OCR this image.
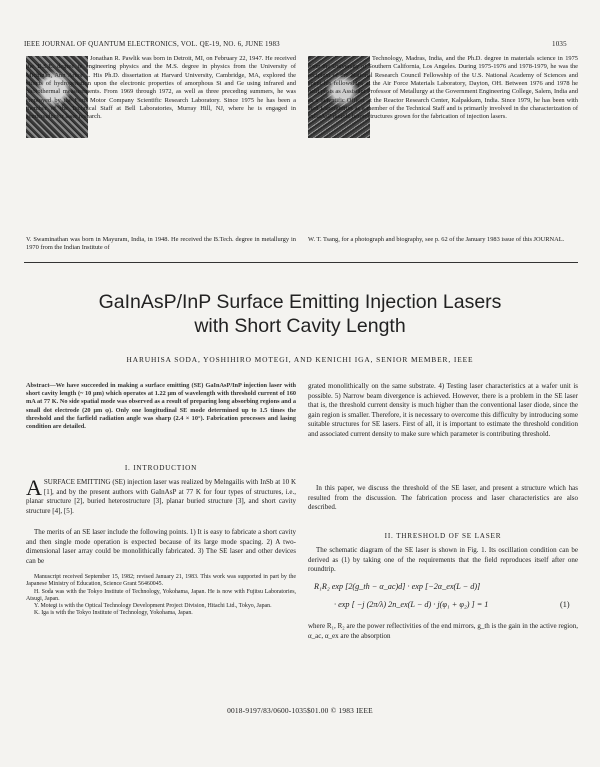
IEEE JOURNAL OF QUANTUM ELECTRONICS, VOL. QE-19, NO. 6, JUNE 1983	1035
Jonathan R. Pawlik was born in Detroit, MI, on February 22, 1947. He received the B.S.E. degree in engineering physics and the M.S. degree in physics from the University of Michigan, Ann Arbor ... His Ph.D. dissertation at Harvard University, Cambridge, MA, explored the effects of hydrogenation upon the electronic properties of amorphous Si and Ge using infrared and photothermal measurements. From 1969 through 1972, as well as three preceding summers, he was employed by the Ford Motor Company Scientific Research Laboratory. Since 1975 he has been a member of the Technical Staff at Bell Laboratories, Murray Hill, NJ, where he is engaged in semiconductor laser research.
Technology, Madras, India, and the Ph.D. degree in materials science in 1975 from the University of Southern California, Los Angeles. During 1975-1976 and 1978-1979, he was the recipient of the National Research Council Fellowship of the U.S. National Academy of Sciences and spent his fellowships at the Air Force Materials Laboratory, Dayton, OH. Between 1976 and 1978 he held posts as Assistant Professor of Metallurgy at the Government Engineering College, Salem, India and as a Scientific Officer at the Reactor Research Center, Kalpakkam, India. Since 1979, he has been with Bell Laboratories as a member of the Technical Staff and is primarily involved in the characterization of InGaAsP double heterostructures grown for the fabrication of injection lasers.
V. Swaminathan was born in Mayuram, India, in 1948. He received the B.Tech. degree in metallurgy in 1970 from the Indian Institute of
W. T. Tsang, for a photograph and biography, see p. 62 of the January 1983 issue of this JOURNAL.
GaInAsP/InP Surface Emitting Injection Lasers
with Short Cavity Length
HARUHISA SODA, YOSHIHIRO MOTEGI, AND KENICHI IGA, SENIOR MEMBER, IEEE
Abstract—We have succeeded in making a surface emitting (SE) GaInAsP/InP injection laser with short cavity length (~ 10 μm) which operates at 1.22 μm of wavelength with threshold current of 160 mA at 77 K. No side spatial mode was observed as a result of preparing long absorbing regions and a small dot electrode (20 μm φ). Only one longitudinal SE mode determined up to 1.5 times the threshold and the farfield radiation angle was sharp (2.4 × 10°). Fabrication processes and lasing condition are detailed.
I. INTRODUCTION
ASURFACE EMITTING (SE) injection laser was realized by Melngailis with InSb at 10 K [1], and by the present authors with GaInAsP at 77 K for four types of structures, i.e., planar structure [2], buried heterostructure [3], planar buried structure [3], and short cavity structure [4], [5].
The merits of an SE laser include the following points. 1) It is easy to fabricate a short cavity and then single mode operation is expected because of its large mode spacing. 2) A two-dimensional laser array could be monolithically fabricated. 3) The SE laser and other devices can be
Manuscript received September 15, 1982; revised January 21, 1983. This work was supported in part by the Japanese Ministry of Education, Science Grant 56460045.
H. Soda was with the Tokyo Institute of Technology, Yokohama, Japan. He is now with Fujitsu Laboratories, Atsugi, Japan.
Y. Motegi is with the Optical Technology Development Project Division, Hitachi Ltd., Tokyo, Japan.
K. Iga is with the Tokyo Institute of Technology, Yokohama, Japan.
grated monolithically on the same substrate. 4) Testing laser characteristics at a wafer unit is possible. 5) Narrow beam divergence is achieved. However, there is a problem in the SE laser that is, the threshold current density is much higher than the conventional laser diode, since the gain region is smaller. Therefore, it is necessary to overcome this difficulty by introducing some suitable structures for SE lasers. First of all, it is important to estimate the threshold condition and associated current density to make sure which parameter is contributing threshold.
In this paper, we discuss the threshold of the SE laser, and present a structure which has resulted from the discussion. The fabrication process and laser characteristics are also described.
II. THRESHOLD OF SE LASER
The schematic diagram of the SE laser is shown in Fig. 1. Its oscillation condition can be derived as (1) by taking one of the requirements that the field reproduces itself after one roundtrip.
R₁R₂ exp [2(g_th − α_ac)d] · exp [−2α_ex(L − d)]
· exp [ −j (2π/λ) 2n_ex(L − d) · j(φ₁ + φ₂) ] = 1	(1)
where R₁, R₂ are the power reflectivities of the end mirrors, g_th is the gain in the active region, α_ac, α_ex are the absorption
0018-9197/83/0600-1035$01.00 © 1983 IEEE
